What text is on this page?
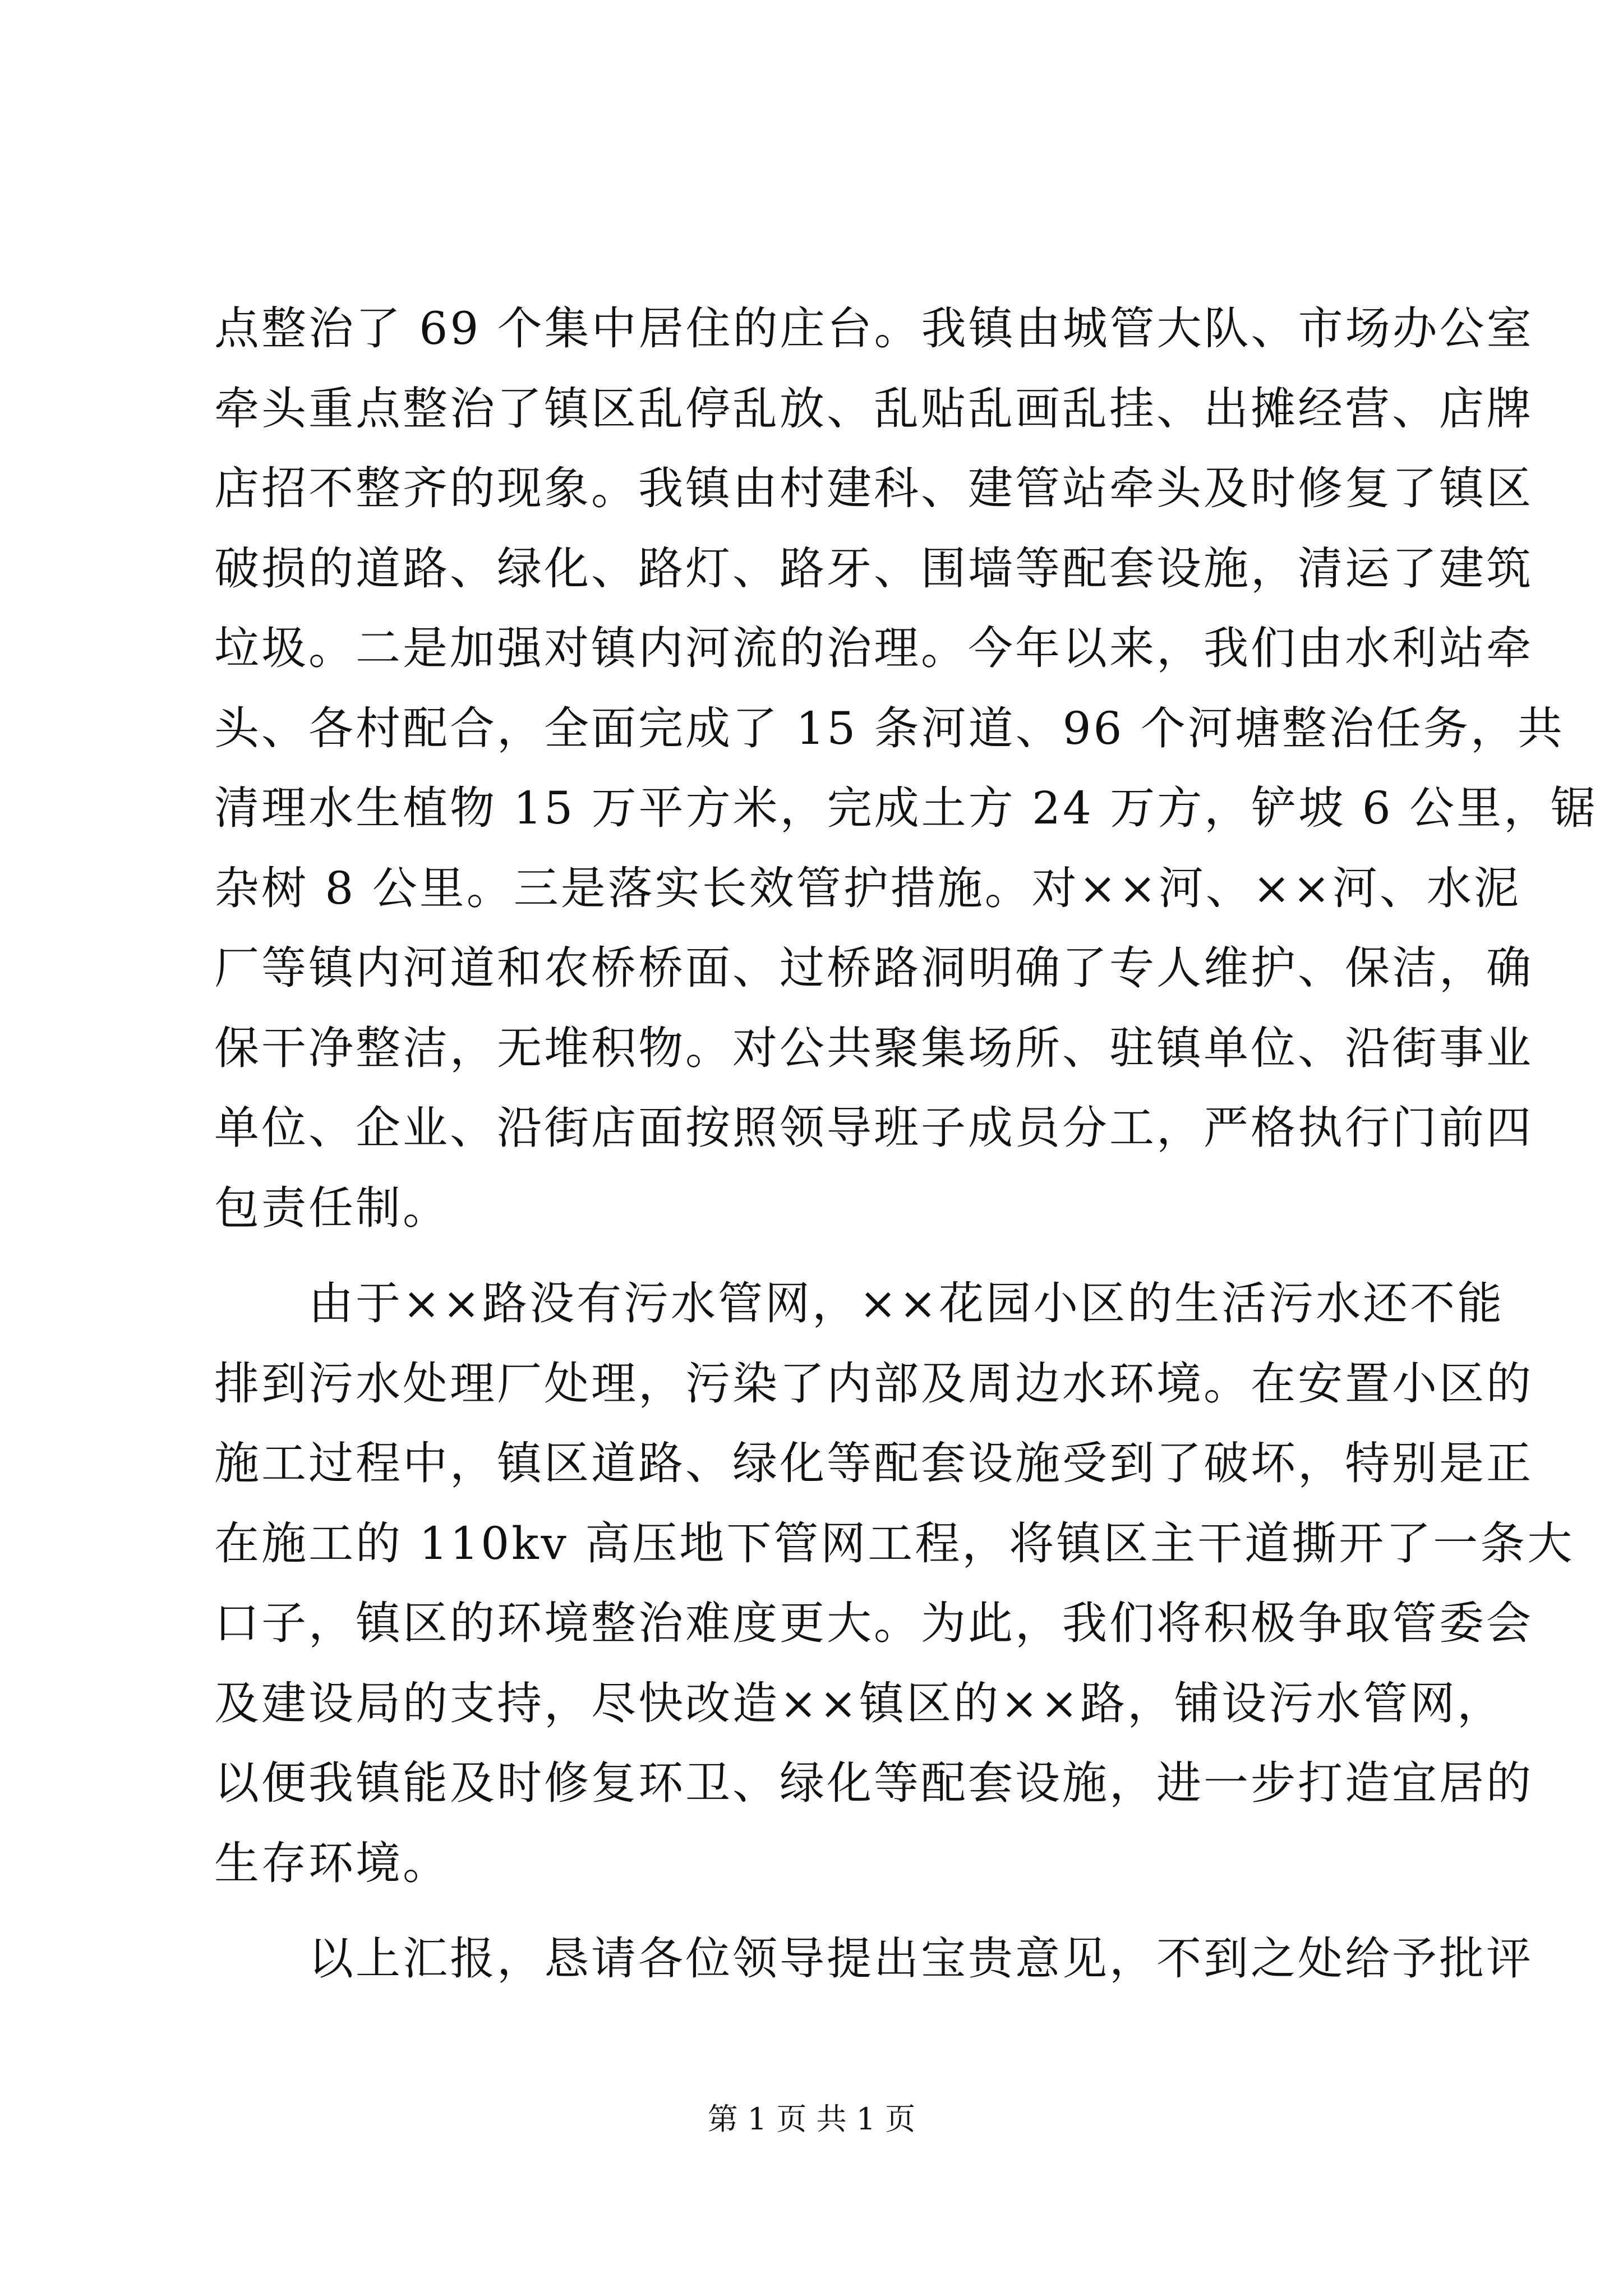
点整治了 69 个集中居住的庄台。我镇由城管大队、市场办公室
牵头重点整治了镇区乱停乱放、乱贴乱画乱挂、出摊经营、店牌
店招不整齐的现象。我镇由村建科、建管站牵头及时修复了镇区
破损的道路、绿化、路灯、路牙、围墙等配套设施，清运了建筑
垃圾。二是加强对镇内河流的治理。今年以来，我们由水利站牵
头、各村配合，全面完成了 15 条河道、96 个河塘整治任务，共
清理水生植物 15 万平方米，完成土方 24 万方，铲坡 6 公里，锯
杂树 8 公里。三是落实长效管护措施。对××河、××河、水泥
厂等镇内河道和农桥桥面、过桥路洞明确了专人维护、保洁，确
保干净整洁，无堆积物。对公共聚集场所、驻镇单位、沿街事业
单位、企业、沿街店面按照领导班子成员分工，严格执行门前四
包责任制。
由于××路没有污水管网，××花园小区的生活污水还不能
排到污水处理厂处理，污染了内部及周边水环境。在安置小区的
施工过程中，镇区道路、绿化等配套设施受到了破坏，特别是正
在施工的 110kv 高压地下管网工程，将镇区主干道撕开了一条大
口子，镇区的环境整治难度更大。为此，我们将积极争取管委会
及建设局的支持，尽快改造××镇区的××路，铺设污水管网，
以便我镇能及时修复环卫、绿化等配套设施，进一步打造宜居的
生存环境。
以上汇报，恳请各位领导提出宝贵意见，不到之处给予批评
第 1 页 共 1 页
